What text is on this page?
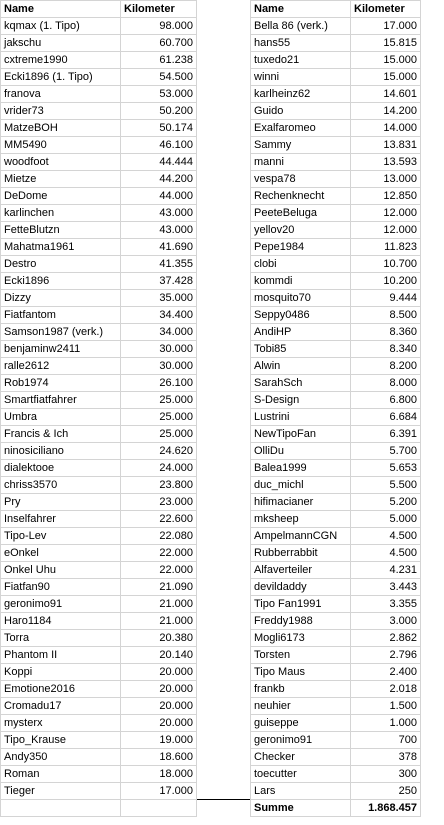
Name	Kilometer		Name	Kilometer
kqmax (1. Tipo)	98.000		Bella 86 (verk.)	17.000
jakschu	60.700		hans55	15.815
cxtreme1990	61.238		tuxedo21	15.000
Ecki1896 (1. Tipo)	54.500		winni	15.000
franova	53.000		karlheinz62	14.601
vrider73	50.200		Guido	14.200
MatzeBOH	50.174		Exalfaromeo	14.000
MM5490	46.100		Sammy	13.831
woodfoot	44.444		manni	13.593
Mietze	44.200		vespa78	13.000
DeDome	44.000		Rechenknecht	12.850
karlinchen	43.000		PeeteBeluga	12.000
FetteBlutzn	43.000		yellov20	12.000
Mahatma1961	41.690		Pepe1984	11.823
Destro	41.355		clobi	10.700
Ecki1896	37.428		kommdi	10.200
Dizzy	35.000		mosquito70	9.444
Fiatfantom	34.400		Seppy0486	8.500
Samson1987 (verk.)	34.000		AndiHP	8.360
benjaminw2411	30.000		Tobi85	8.340
ralle2612	30.000		Alwin	8.200
Rob1974	26.100		SarahSch	8.000
Smartfiatfahrer	25.000		S-Design	6.800
Umbra	25.000		Lustrini	6.684
Francis & Ich	25.000		NewTipoFan	6.391
ninosiciliano	24.620		OlliDu	5.700
dialektooe	24.000		Balea1999	5.653
chriss3570	23.800		duc_michl	5.500
Pry	23.000		hifimacianer	5.200
Inselfahrer	22.600		mksheep	5.000
Tipo-Lev	22.080		AmpelmannCGN	4.500
eOnkel	22.000		Rubberrabbit	4.500
Onkel Uhu	22.000		Alfaverteiler	4.231
Fiatfan90	21.090		devildaddy	3.443
geronimo91	21.000		Tipo Fan1991	3.355
Haro1184	21.000		Freddy1988	3.000
Torra	20.380		Mogli6173	2.862
Phantom II	20.140		Torsten	2.796
Koppi	20.000		Tipo Maus	2.400
Emotione2016	20.000		frankb	2.018
Cromadu17	20.000		neuhier	1.500
mysterx	20.000		guiseppe	1.000
Tipo_Krause	19.000		geronimo91	700
Andy350	18.600		Checker	378
Roman	18.000		toecutter	300
Tieger	17.000		Lars	250
			Summe	1.868.457
